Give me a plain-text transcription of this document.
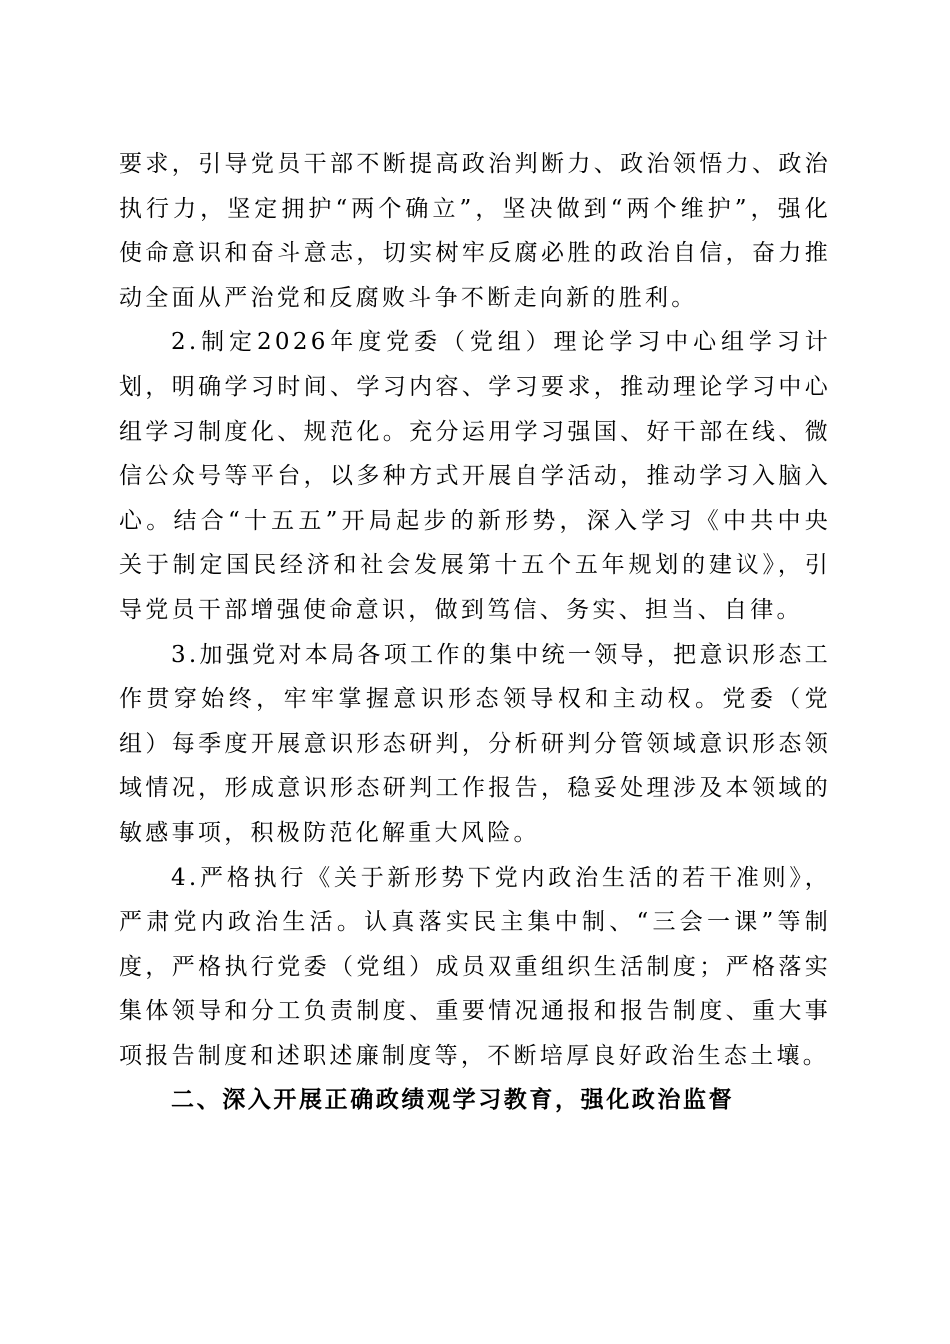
要求，引导党员干部不断提高政治判断力、政治领悟力、政治执行力，坚定拥护“两个确立”，坚决做到“两个维护”，强化使命意识和奋斗意志，切实树牢反腐必胜的政治自信，奋力推动全面从严治党和反腐败斗争不断走向新的胜利。

2.制定2026年度党委（党组）理论学习中心组学习计划，明确学习时间、学习内容、学习要求，推动理论学习中心组学习制度化、规范化。充分运用学习强国、好干部在线、微信公众号等平台，以多种方式开展自学活动，推动学习入脑入心。结合“十五五”开局起步的新形势，深入学习《中共中央关于制定国民经济和社会发展第十五个五年规划的建议》，引导党员干部增强使命意识，做到笃信、务实、担当、自律。

3.加强党对本局各项工作的集中统一领导，把意识形态工作贯穿始终，牢牢掌握意识形态领导权和主动权。党委（党组）每季度开展意识形态研判，分析研判分管领域意识形态领域情况，形成意识形态研判工作报告，稳妥处理涉及本领域的敏感事项，积极防范化解重大风险。

4.严格执行《关于新形势下党内政治生活的若干准则》，严肃党内政治生活。认真落实民主集中制、“三会一课”等制度，严格执行党委（党组）成员双重组织生活制度；严格落实集体领导和分工负责制度、重要情况通报和报告制度、重大事项报告制度和述职述廉制度等，不断培厚良好政治生态土壤。

二、深入开展正确政绩观学习教育，强化政治监督
